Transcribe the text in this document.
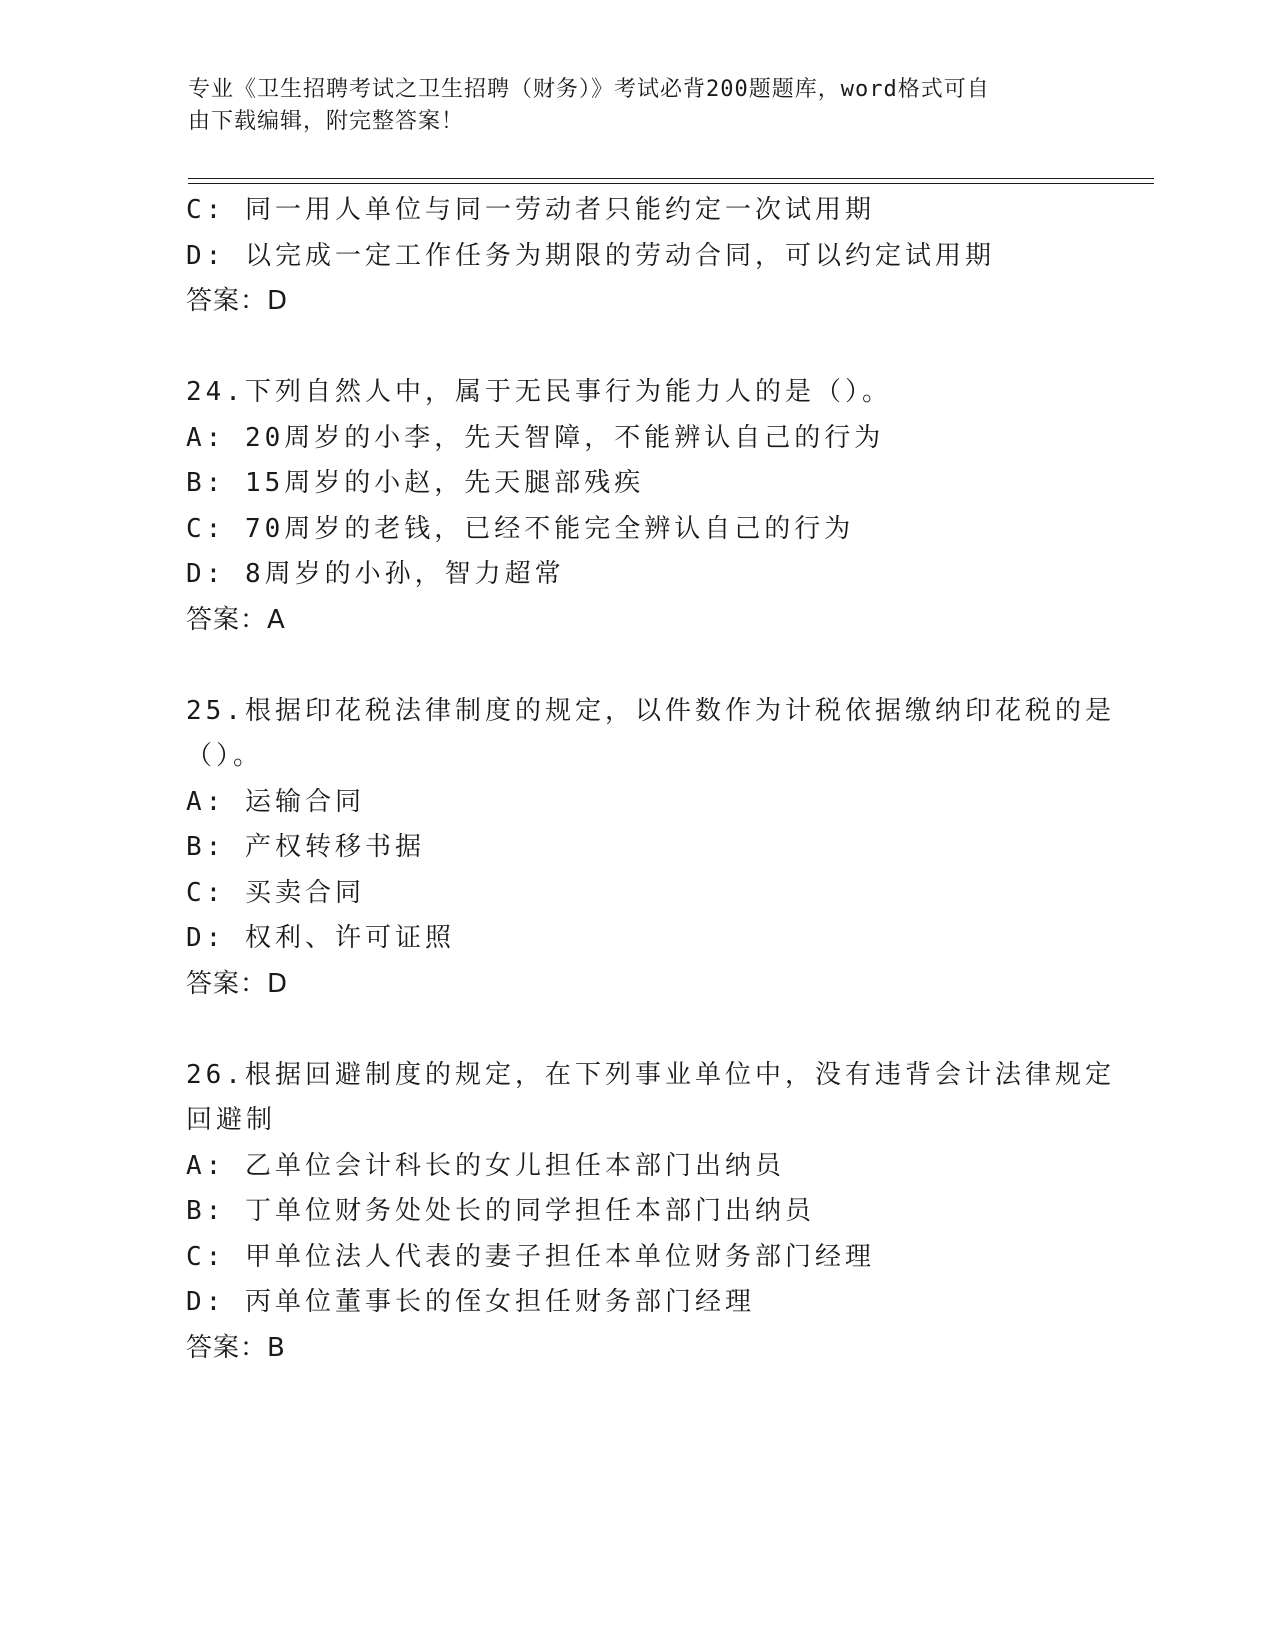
专业《卫生招聘考试之卫生招聘（财务）》考试必背200题题库，word格式可自
由下载编辑，附完整答案！
C: 同一用人单位与同一劳动者只能约定一次试用期
D: 以完成一定工作任务为期限的劳动合同，可以约定试用期
答案：D
24.下列自然人中，属于无民事行为能力人的是（）。
A: 20周岁的小李，先天智障，不能辨认自己的行为
B: 15周岁的小赵，先天腿部残疾
C: 70周岁的老钱，已经不能完全辨认自己的行为
D: 8周岁的小孙，智力超常
答案：A
25.根据印花税法律制度的规定，以件数作为计税依据缴纳印花税的是
（）。
A: 运输合同
B: 产权转移书据
C: 买卖合同
D: 权利、许可证照
答案：D
26.根据回避制度的规定，在下列事业单位中，没有违背会计法律规定
回避制
A: 乙单位会计科长的女儿担任本部门出纳员
B: 丁单位财务处处长的同学担任本部门出纳员
C: 甲单位法人代表的妻子担任本单位财务部门经理
D: 丙单位董事长的侄女担任财务部门经理
答案：B
